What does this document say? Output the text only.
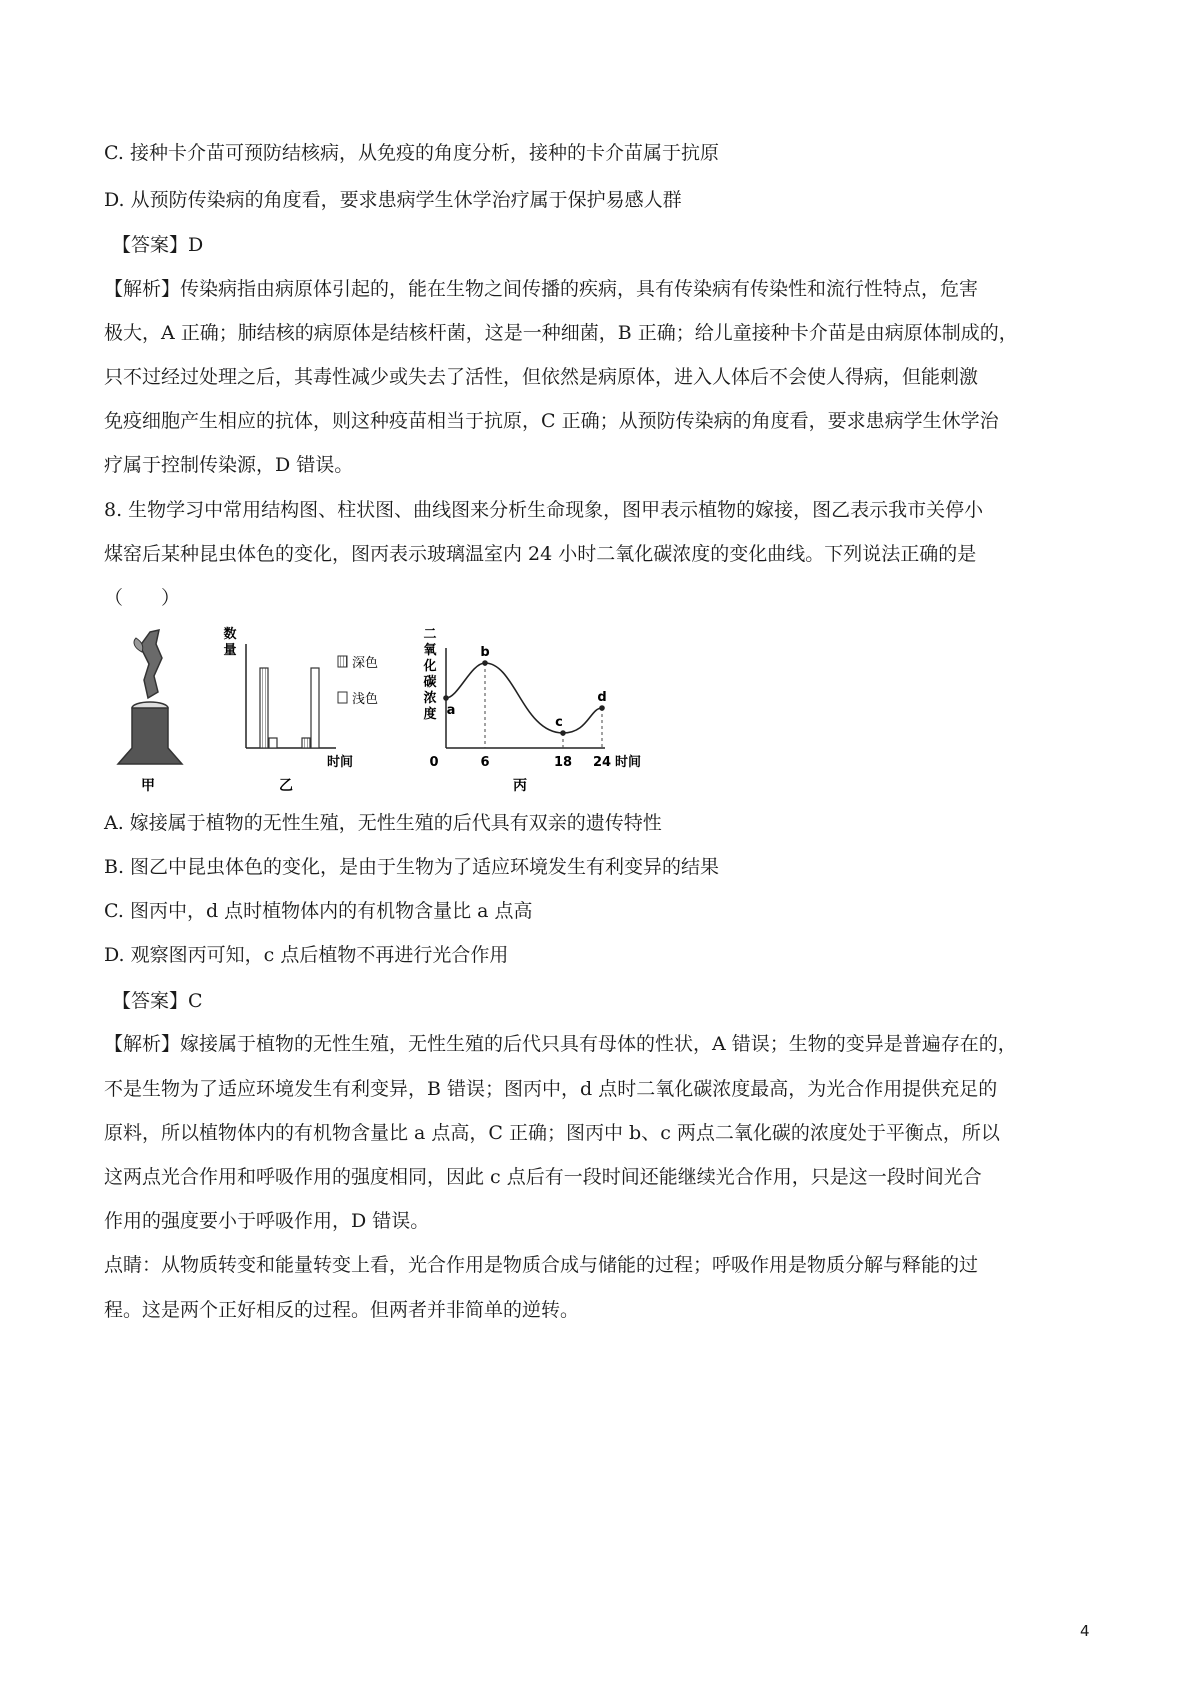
C. 接种卡介苗可预防结核病，从免疫的角度分析，接种的卡介苗属于抗原
D. 从预防传染病的角度看，要求患病学生休学治疗属于保护易感人群
【答案】D
【解析】传染病指由病原体引起的，能在生物之间传播的疾病，具有传染病有传染性和流行性特点，危害
极大，A 正确；肺结核的病原体是结核杆菌，这是一种细菌，B 正确；给儿童接种卡介苗是由病原体制成的，
只不过经过处理之后，其毒性减少或失去了活性，但依然是病原体，进入人体后不会使人得病，但能刺激
免疫细胞产生相应的抗体，则这种疫苗相当于抗原，C 正确；从预防传染病的角度看，要求患病学生休学治
疗属于控制传染源，D 错误。
8. 生物学习中常用结构图、柱状图、曲线图来分析生命现象，图甲表示植物的嫁接，图乙表示我市关停小
煤窑后某种昆虫体色的变化，图丙表示玻璃温室内 24 小时二氧化碳浓度的变化曲线。下列说法正确的是
（　　）
甲
数
量
深色
浅色
时间
乙
二
氧
化
碳
浓
度 a
b
c
d
0	6	18 24 时间
丙
A. 嫁接属于植物的无性生殖，无性生殖的后代具有双亲的遗传特性
B. 图乙中昆虫体色的变化，是由于生物为了适应环境发生有利变异的结果
C. 图丙中，d 点时植物体内的有机物含量比 a 点高
D. 观察图丙可知，c 点后植物不再进行光合作用
【答案】C
【解析】嫁接属于植物的无性生殖，无性生殖的后代只具有母体的性状，A 错误；生物的变异是普遍存在的，
不是生物为了适应环境发生有利变异，B 错误；图丙中，d 点时二氧化碳浓度最高，为光合作用提供充足的
原料，所以植物体内的有机物含量比 a 点高，C 正确；图丙中 b、c 两点二氧化碳的浓度处于平衡点，所以
这两点光合作用和呼吸作用的强度相同，因此 c 点后有一段时间还能继续光合作用，只是这一段时间光合
作用的强度要小于呼吸作用，D 错误。
点睛：从物质转变和能量转变上看，光合作用是物质合成与储能的过程；呼吸作用是物质分解与释能的过
程。这是两个正好相反的过程。但两者并非简单的逆转。
4
